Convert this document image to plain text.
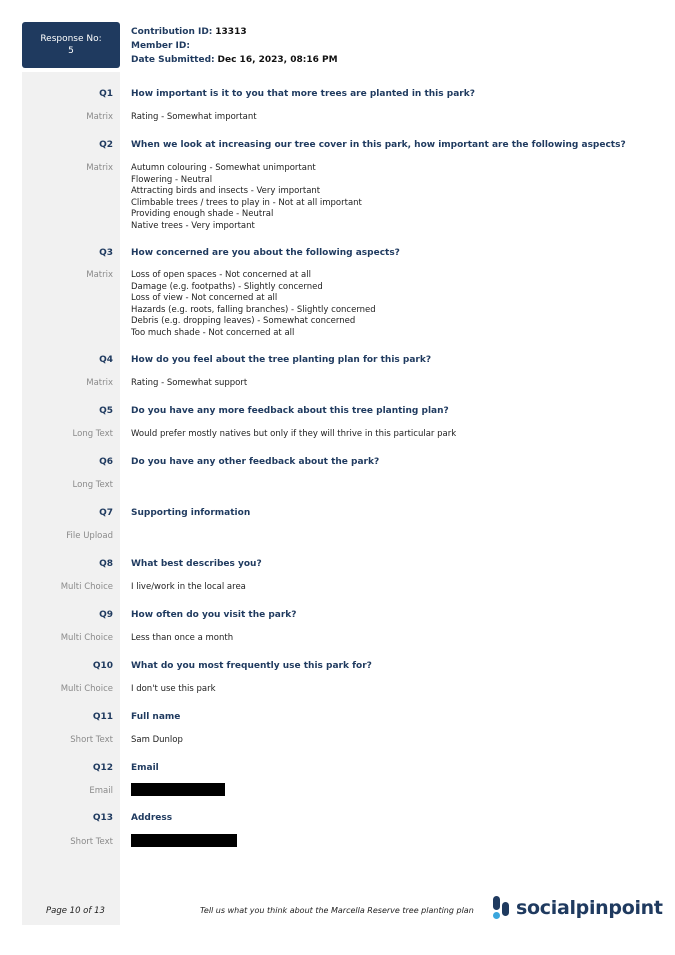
Response No:
5
Contribution ID: 13313
Member ID:
Date Submitted: Dec 16, 2023, 08:16 PM
Q1 How important is it to you that more trees are planted in this park?
Matrix Rating - Somewhat important
Q2 When we look at increasing our tree cover in this park, how important are the following aspects?
Matrix Autumn colouring - Somewhat unimportant
Flowering - Neutral
Attracting birds and insects - Very important
Climbable trees / trees to play in - Not at all important
Providing enough shade - Neutral
Native trees - Very important
Q3 How concerned are you about the following aspects?
Matrix Loss of open spaces - Not concerned at all
Damage (e.g. footpaths) - Slightly concerned
Loss of view - Not concerned at all
Hazards (e.g. roots, falling branches) - Slightly concerned
Debris (e.g. dropping leaves) - Somewhat concerned
Too much shade - Not concerned at all
Q4 How do you feel about the tree planting plan for this park?
Matrix Rating - Somewhat support
Q5 Do you have any more feedback about this tree planting plan?
Long Text Would prefer mostly natives but only if they will thrive in this particular park
Q6 Do you have any other feedback about the park?
Long Text
Q7 Supporting information
File Upload
Q8 What best describes you?
Multi Choice I live/work in the local area
Q9 How often do you visit the park?
Multi Choice Less than once a month
Q10 What do you most frequently use this park for?
Multi Choice I don't use this park
Q11 Full name
Short Text Sam Dunlop
Q12 Email
Email
Q13 Address
Short Text
Page 10 of 13	Tell us what you think about the Marcella Reserve tree planting plan socialpinpoint
